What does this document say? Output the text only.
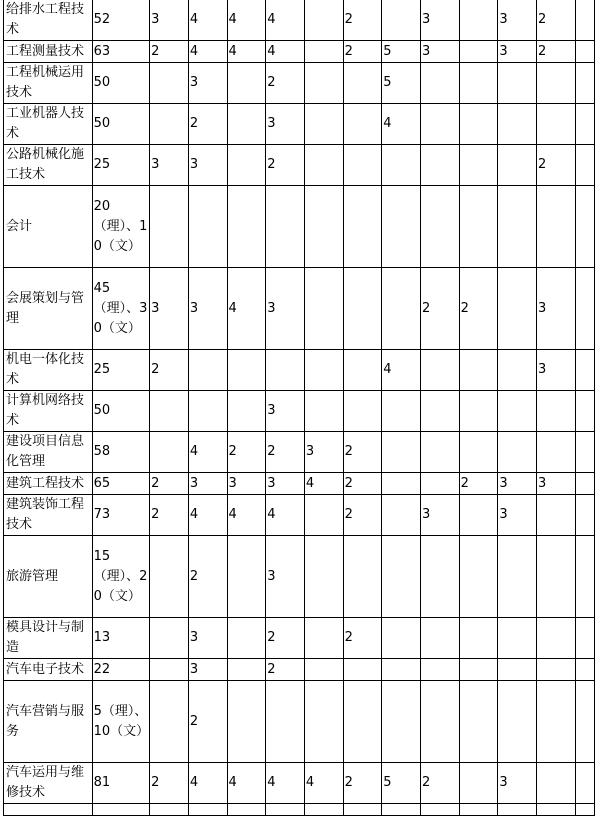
给排水工程技术	52	3	4	4	4		2		3		3	2	
工程测量技术	63	2	4	4	4		2	5	3		3	2	
工程机械运用技术	50		3		2			5					
工业机器人技术	50		2		3			4					
公路机械化施工技术	25	3	3		2							2	
会计	20（理）、10（文）												
会展策划与管理	45（理）、30（文）	3	3	4	3				2	2		3	
机电一体化技术	25	2						4				3	
计算机网络技术	50				3								
建设项目信息化管理	58		4	2	2	3	2						
建筑工程技术	65	2	3	3	3	4	2			2	3	3	
建筑装饰工程技术	73	2	4	4	4		2		3		3		
旅游管理	15（理）、20（文）		2		3								
模具设计与制造	13		3		2		2						
汽车电子技术	22		3		2								
汽车营销与服务	5（理）、10（文）		2										
汽车运用与维修技术	81	2	4	4	4	4	2	5	2		3		
